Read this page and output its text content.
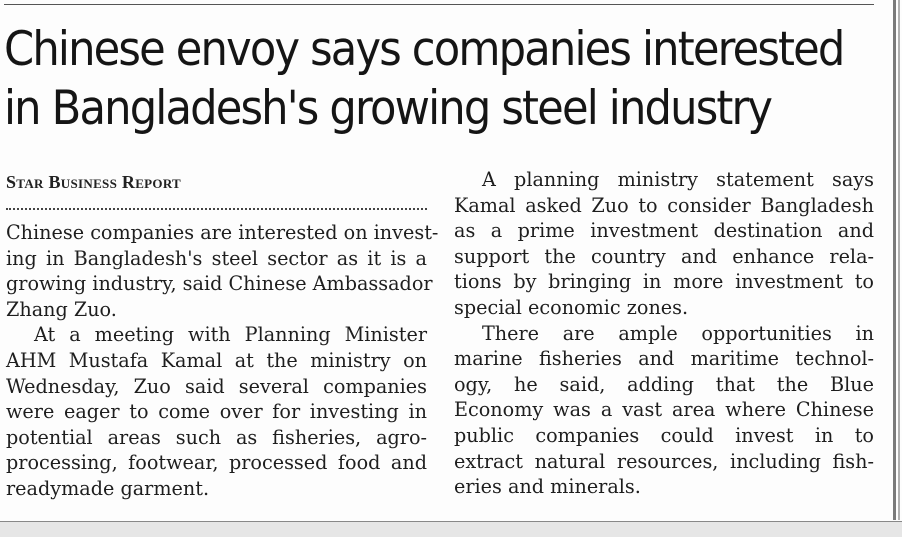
Chinese envoy says companies interested
in Bangladesh's growing steel industry
Star Business Report

Chinese companies are interested on invest-
ing in Bangladesh's steel sector as it is a
growing industry, said Chinese Ambassador
Zhang Zuo.

At a meeting with Planning Minister
AHM Mustafa Kamal at the ministry on
Wednesday, Zuo said several companies
were eager to come over for investing in
potential areas such as fisheries, agro-
processing, footwear, processed food and
readymade garment.

A planning ministry statement says
Kamal asked Zuo to consider Bangladesh
as a prime investment destination and
support the country and enhance rela-
tions by bringing in more investment to
special economic zones.

There are ample opportunities in
marine fisheries and maritime technol-
ogy, he said, adding that the Blue
Economy was a vast area where Chinese
public companies could invest in to
extract natural resources, including fish-
eries and minerals.
